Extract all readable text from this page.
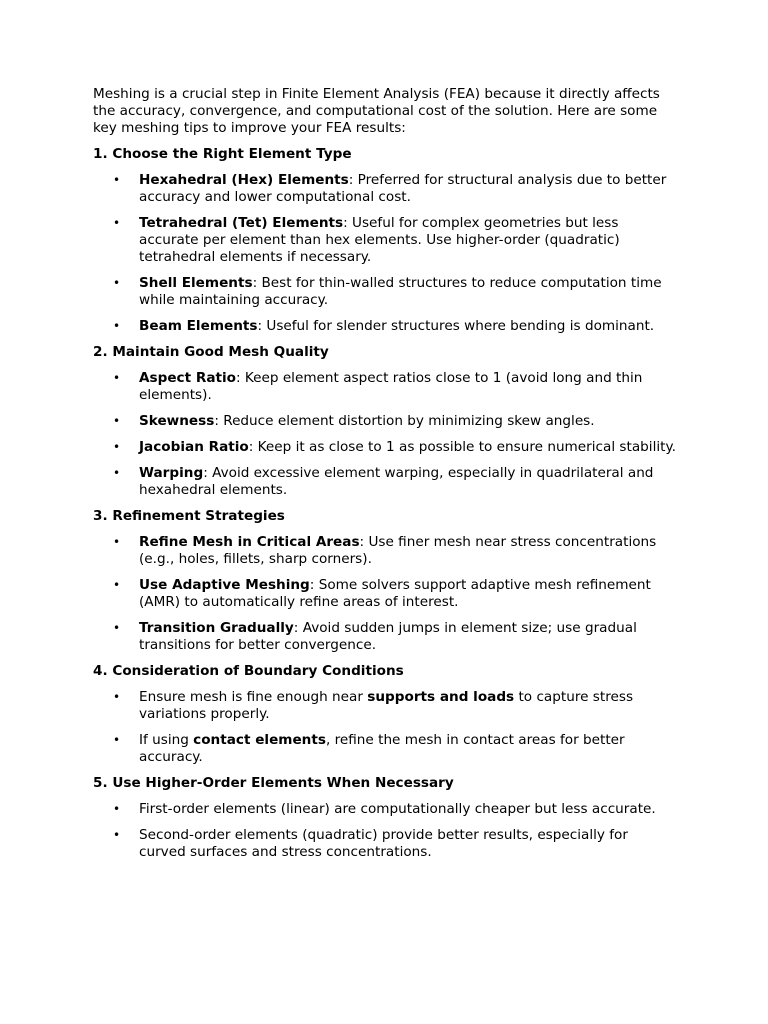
Meshing is a crucial step in Finite Element Analysis (FEA) because it directly affects the accuracy, convergence, and computational cost of the solution. Here are some key meshing tips to improve your FEA results:

1. Choose the Right Element Type
• Hexahedral (Hex) Elements: Preferred for structural analysis due to better accuracy and lower computational cost.
• Tetrahedral (Tet) Elements: Useful for complex geometries but less accurate per element than hex elements. Use higher-order (quadratic) tetrahedral elements if necessary.
• Shell Elements: Best for thin-walled structures to reduce computation time while maintaining accuracy.
• Beam Elements: Useful for slender structures where bending is dominant.
2. Maintain Good Mesh Quality
• Aspect Ratio: Keep element aspect ratios close to 1 (avoid long and thin elements).
• Skewness: Reduce element distortion by minimizing skew angles.
• Jacobian Ratio: Keep it as close to 1 as possible to ensure numerical stability.
• Warping: Avoid excessive element warping, especially in quadrilateral and hexahedral elements.
3. Refinement Strategies
• Refine Mesh in Critical Areas: Use finer mesh near stress concentrations (e.g., holes, fillets, sharp corners).
• Use Adaptive Meshing: Some solvers support adaptive mesh refinement (AMR) to automatically refine areas of interest.
• Transition Gradually: Avoid sudden jumps in element size; use gradual transitions for better convergence.
4. Consideration of Boundary Conditions
• Ensure mesh is fine enough near supports and loads to capture stress variations properly.
• If using contact elements, refine the mesh in contact areas for better accuracy.
5. Use Higher-Order Elements When Necessary
• First-order elements (linear) are computationally cheaper but less accurate.
• Second-order elements (quadratic) provide better results, especially for curved surfaces and stress concentrations.
